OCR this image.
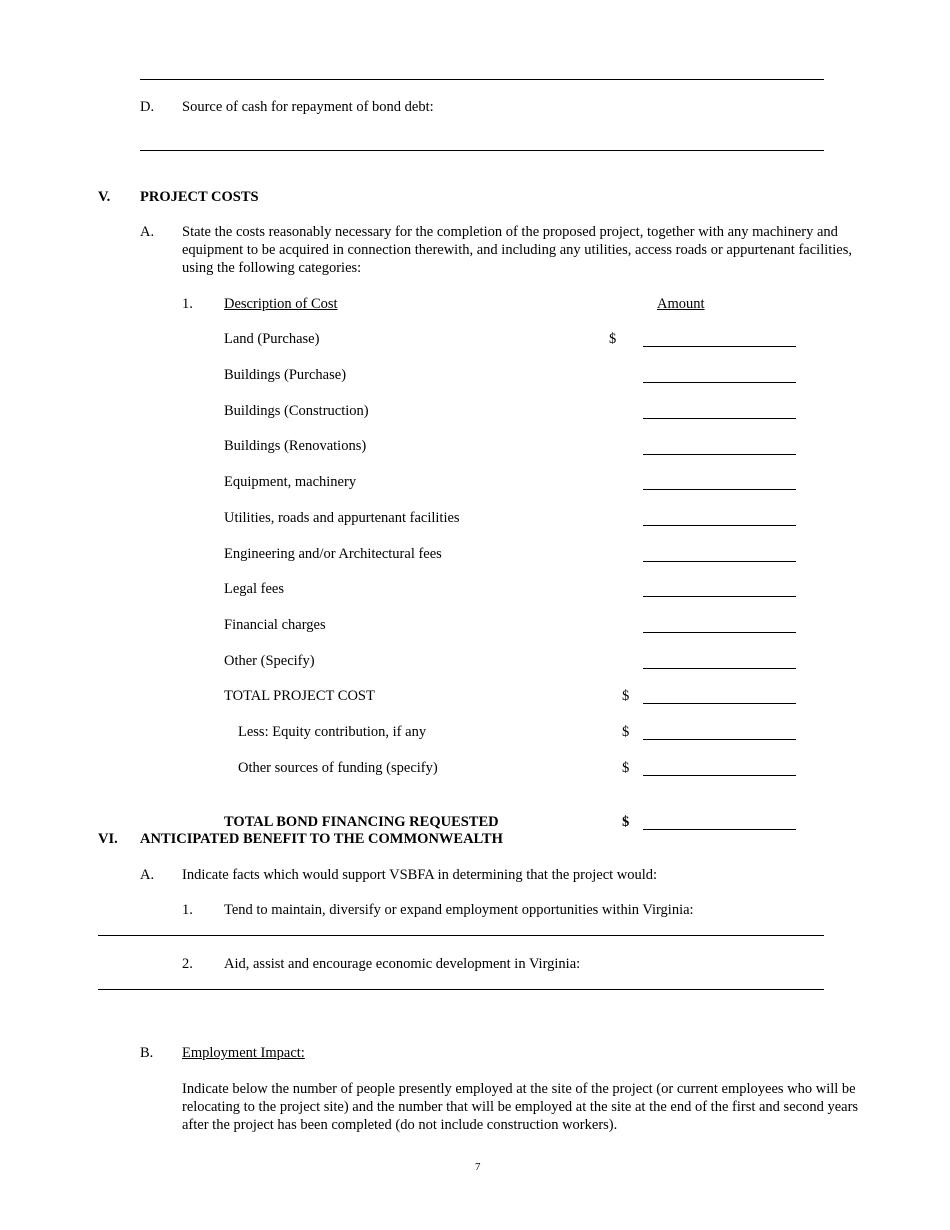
D. Source of cash for repayment of bond debt:
V. PROJECT COSTS
A. State the costs reasonably necessary for the completion of the proposed project, together with any machinery and equipment to be acquired in connection therewith, and including any utilities, access roads or appurtenant facilities, using the following categories:
1. Description of Cost	Amount
Land (Purchase)	$
Buildings (Purchase)
Buildings (Construction)
Buildings (Renovations)
Equipment, machinery
Utilities, roads and appurtenant facilities
Engineering and/or Architectural fees
Legal fees
Financial charges
Other (Specify)
TOTAL PROJECT COST	$
Less: Equity contribution, if any	$
Other sources of funding (specify)	$
TOTAL BOND FINANCING REQUESTED	$
VI. ANTICIPATED BENEFIT TO THE COMMONWEALTH
A. Indicate facts which would support VSBFA in determining that the project would:
1. Tend to maintain, diversify or expand employment opportunities within Virginia:
2. Aid, assist and encourage economic development in Virginia:
B. Employment Impact:
Indicate below the number of people presently employed at the site of the project (or current employees who will be relocating to the project site) and the number that will be employed at the site at the end of the first and second years after the project has been completed (do not include construction workers).
7
